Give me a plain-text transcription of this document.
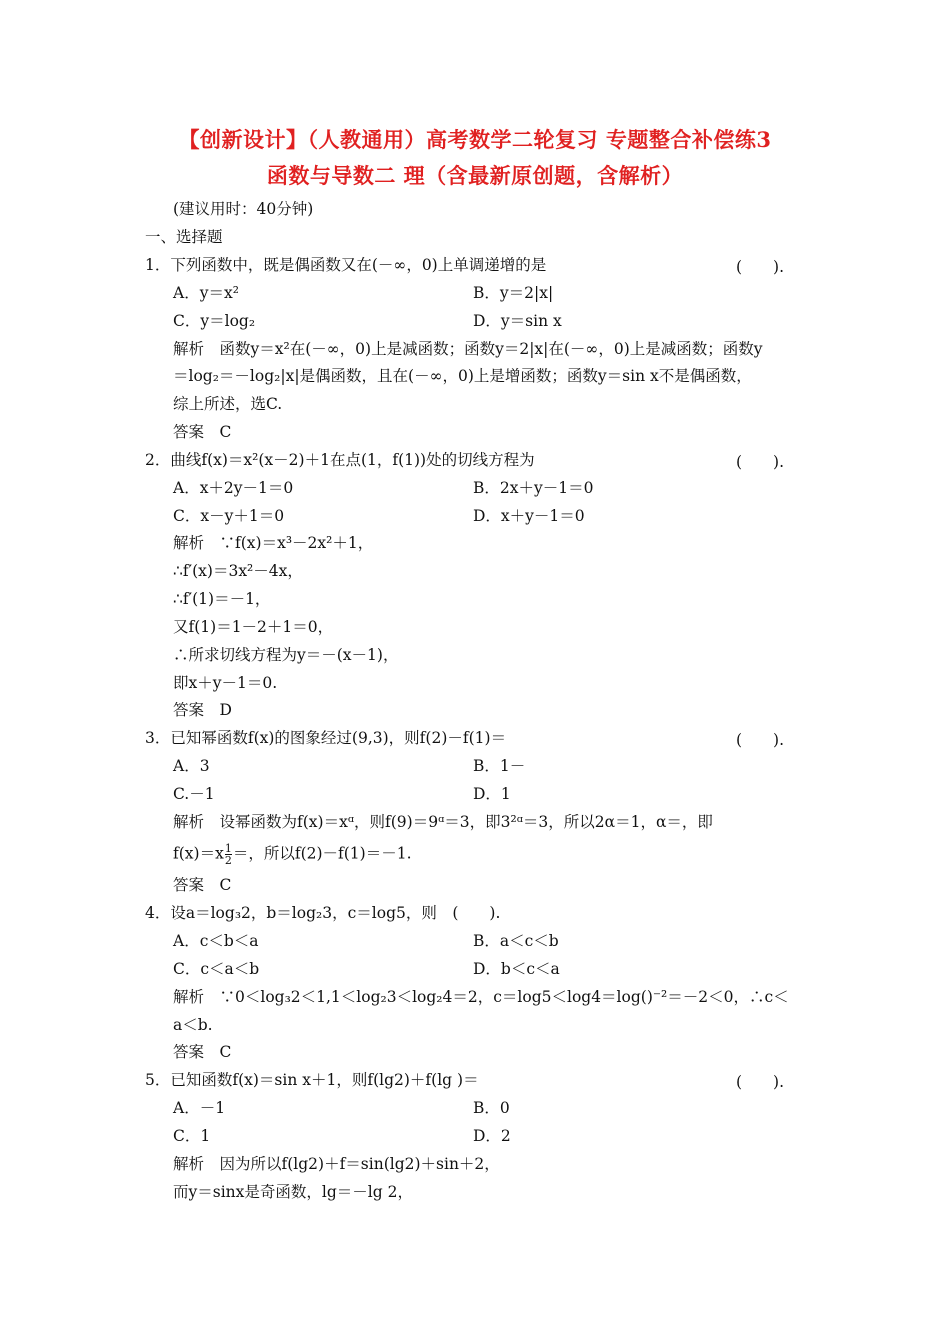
【创新设计】（人教通用）高考数学二轮复习 专题整合补偿练3
函数与导数二 理（含最新原创题，含解析）
(建议用时：40分钟)
一、选择题
1．下列函数中，既是偶函数又在(－∞，0)上单调递增的是	(　　).
A．y＝x²	B．y＝2|x|
C．y＝log₂	D．y＝sin x
解析　函数y＝x²在(－∞，0)上是减函数；函数y＝2|x|在(－∞，0)上是减函数；函数y
＝log₂＝－log₂|x|是偶函数，且在(－∞，0)上是增函数；函数y＝sin x不是偶函数，
综上所述，选C.
答案　C
2．曲线f(x)＝x²(x－2)＋1在点(1，f(1))处的切线方程为	(　　).
A．x＋2y－1＝0	B．2x＋y－1＝0
C．x－y＋1＝0	D．x＋y－1＝0
解析　∵f(x)＝x³－2x²＋1，
∴f′(x)＝3x²－4x，
∴f′(1)＝－1，
又f(1)＝1－2＋1＝0，
∴所求切线方程为y＝－(x－1)，
即x＋y－1＝0.
答案　D
3．已知幂函数f(x)的图象经过(9,3)，则f(2)－f(1)＝	(　　).
A．3	B．1－
C.－1	D．1
解析　设幂函数为f(x)＝xᵅ，则f(9)＝9ᵅ＝3，即3²ᵅ＝3，所以2α＝1，α＝，即
$f(x)=x \frac{1}{2}$ ＝，所以f(2)－f(1)＝－1.
答案　C
4．设a＝log₃2，b＝log₂3，c＝log5，则　(　　).
A．c＜b＜a	B．a＜c＜b
C．c＜a＜b	D．b＜c＜a
解析　∵0＜log₃2＜1,1＜log₂3＜log₂4＝2，c＝log5＜log4＝log()⁻²＝－2＜0，∴c＜
a＜b.
答案　C
5．已知函数f(x)＝sin x＋1，则f(lg2)＋f(lg )＝	(　　).
A．－1	B．0
C．1	D．2
解析　因为所以f(lg2)＋f＝sin(lg2)＋sin＋2，
而y＝sinx是奇函数，lg＝－lg 2，
